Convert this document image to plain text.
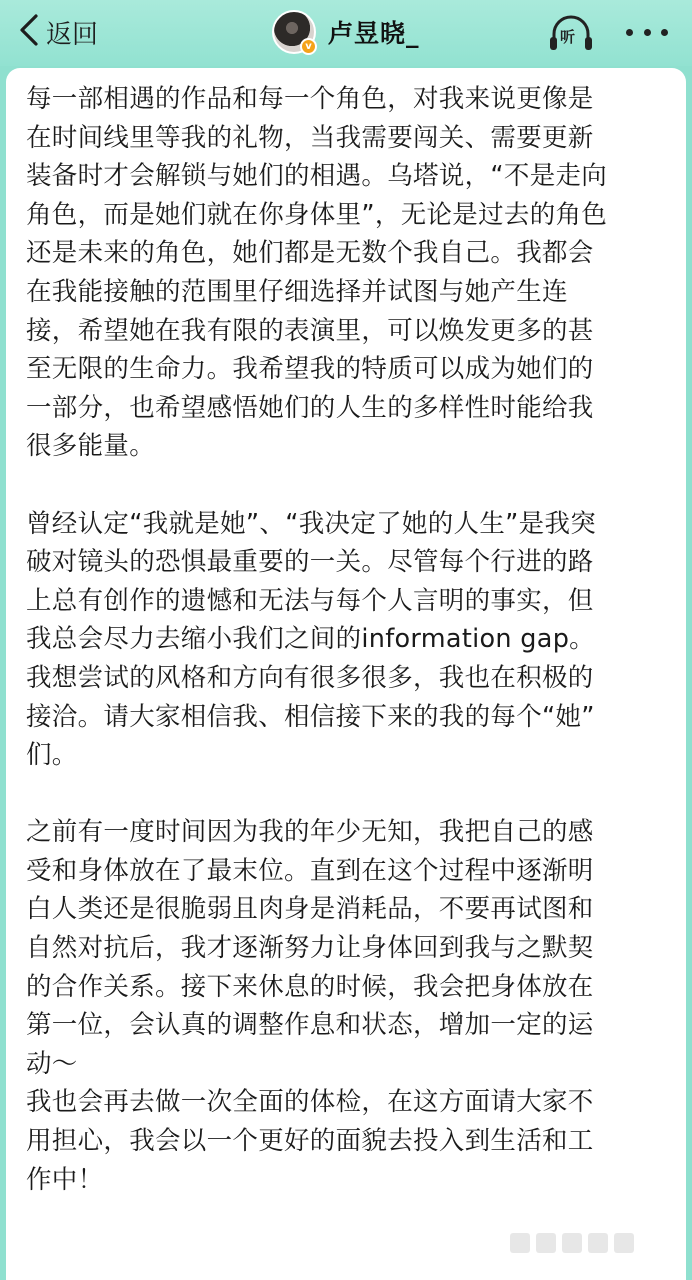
返回	v 卢昱晓_	听
每一部相遇的作品和每一个角色，对我来说更像是
在时间线里等我的礼物，当我需要闯关、需要更新
装备时才会解锁与她们的相遇。乌塔说，“不是走向
角色，而是她们就在你身体里”，无论是过去的角色
还是未来的角色，她们都是无数个我自己。我都会
在我能接触的范围里仔细选择并试图与她产生连
接，希望她在我有限的表演里，可以焕发更多的甚
至无限的生命力。我希望我的特质可以成为她们的
一部分，也希望感悟她们的人生的多样性时能给我
很多能量。
曾经认定“我就是她”、“我决定了她的人生”是我突
破对镜头的恐惧最重要的一关。尽管每个行进的路
上总有创作的遗憾和无法与每个人言明的事实，但
我总会尽力去缩小我们之间的information gap。
我想尝试的风格和方向有很多很多，我也在积极的
接洽。请大家相信我、相信接下来的我的每个“她”
们。
之前有一度时间因为我的年少无知，我把自己的感
受和身体放在了最末位。直到在这个过程中逐渐明
白人类还是很脆弱且肉身是消耗品，不要再试图和
自然对抗后，我才逐渐努力让身体回到我与之默契
的合作关系。接下来休息的时候，我会把身体放在
第一位，会认真的调整作息和状态，增加一定的运
动～
我也会再去做一次全面的体检，在这方面请大家不
用担心，我会以一个更好的面貌去投入到生活和工
作中！
